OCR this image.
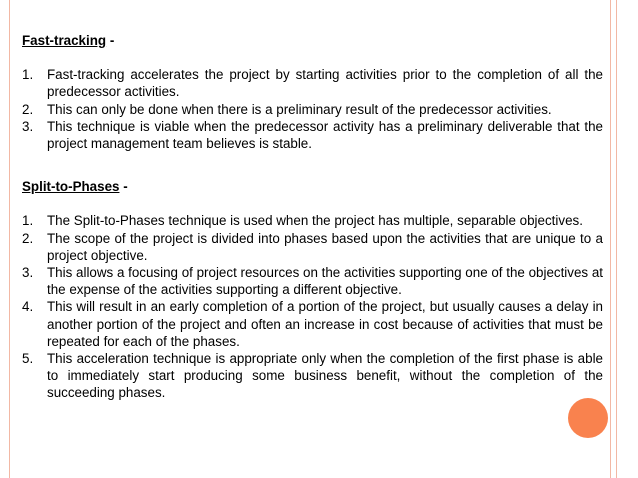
Fast-tracking -

1. Fast-tracking accelerates the project by starting activities prior to the completion of all the predecessor activities.
2. This can only be done when there is a preliminary result of the predecessor activities.
3. This technique is viable when the predecessor activity has a preliminary deliverable that the project management team believes is stable.

Split-to-Phases -

1. The Split-to-Phases technique is used when the project has multiple, separable objectives.
2. The scope of the project is divided into phases based upon the activities that are unique to a project objective.
3. This allows a focusing of project resources on the activities supporting one of the objectives at the expense of the activities supporting a different objective.
4. This will result in an early completion of a portion of the project, but usually causes a delay in another portion of the project and often an increase in cost because of activities that must be repeated for each of the phases.
5. This acceleration technique is appropriate only when the completion of the first phase is able to immediately start producing some business benefit, without the completion of the succeeding phases.
